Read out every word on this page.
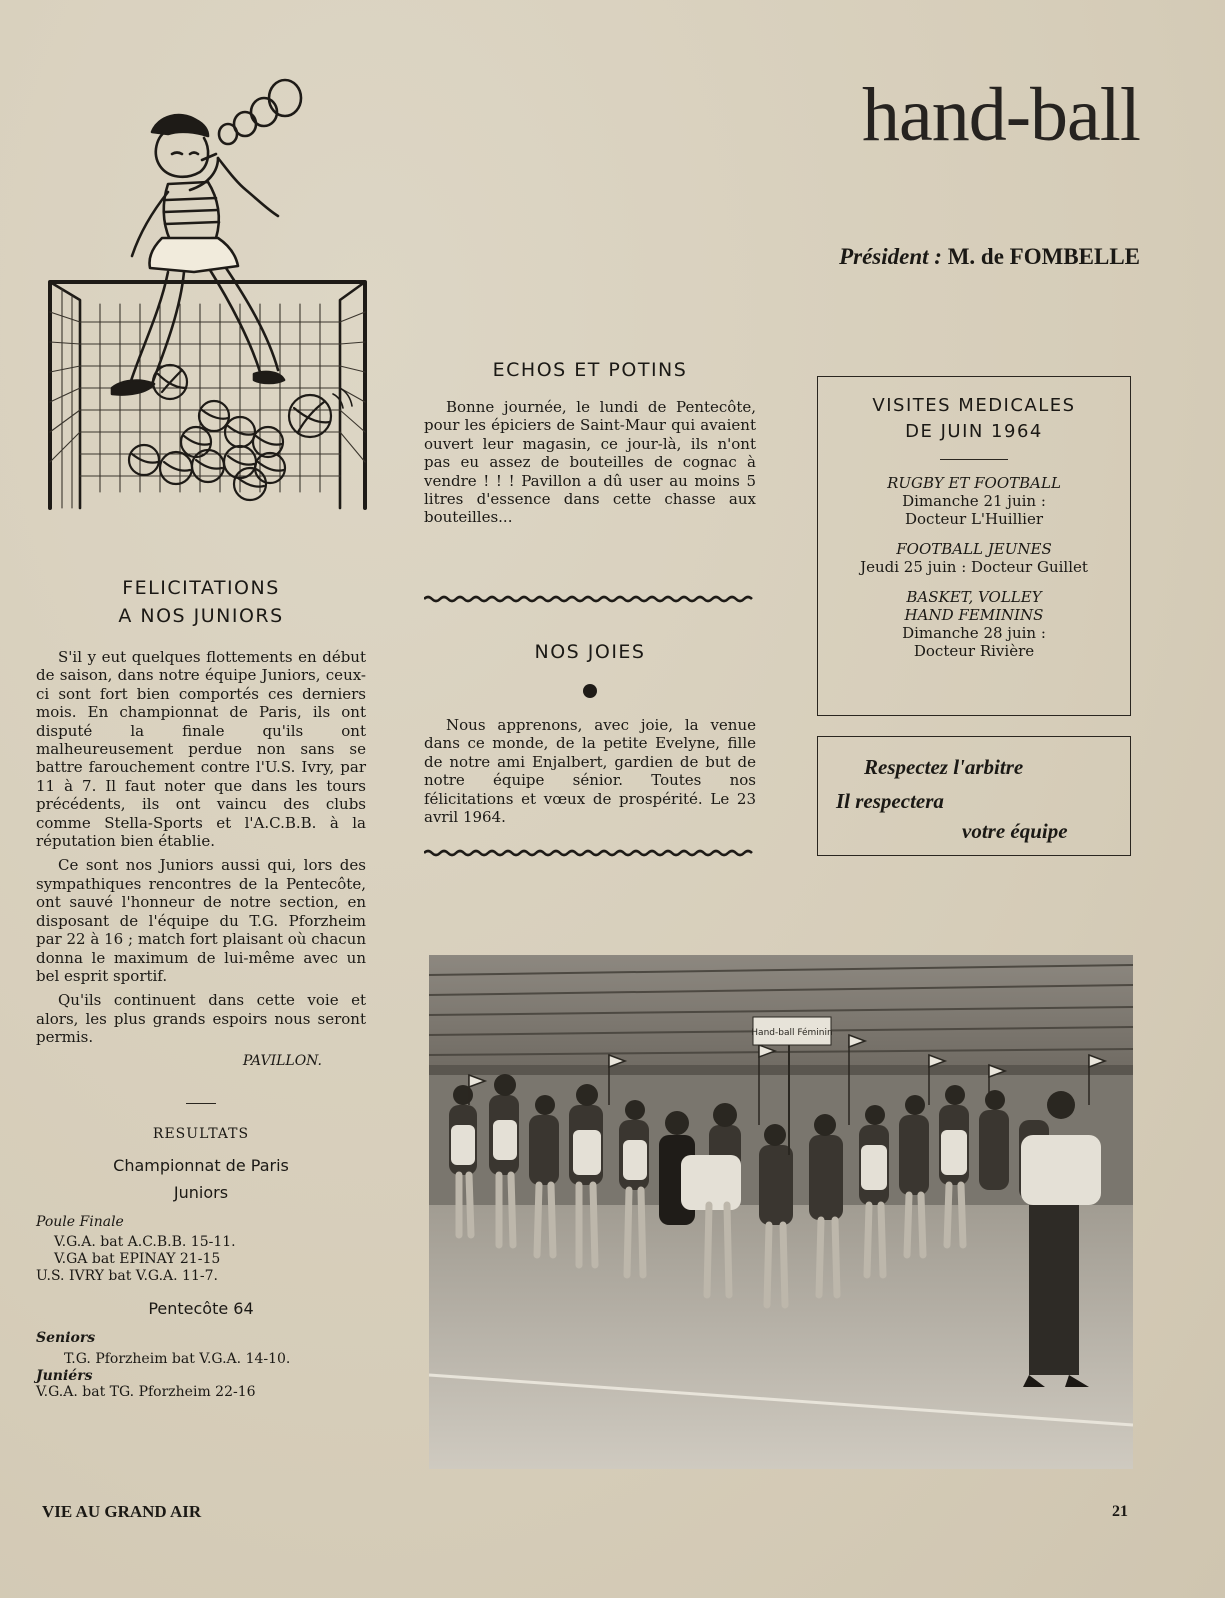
hand-ball
Président : M. de FOMBELLE
FELICITATIONS
A NOS JUNIORS

S'il y eut quelques flottements en début de saison, dans notre équipe Juniors, ceux-ci sont fort bien comportés ces derniers mois. En championnat de Paris, ils ont disputé la finale qu'ils ont malheureusement perdue non sans se battre farouchement contre l'U.S. Ivry, par 11 à 7. Il faut noter que dans les tours précédents, ils ont vaincu des clubs comme Stella-Sports et l'A.C.B.B. à la réputation bien établie.

Ce sont nos Juniors aussi qui, lors des sympathiques rencontres de la Pentecôte, ont sauvé l'honneur de notre section, en disposant de l'équipe du T.G. Pforzheim par 22 à 16 ; match fort plaisant où chacun donna le maximum de lui-même avec un bel esprit sportif.

Qu'ils continuent dans cette voie et alors, les plus grands espoirs nous seront permis.

PAVILLON.
RESULTATS
Championnat de Paris
Juniors
Poule Finale
V.G.A. bat A.C.B.B. 15-11.
V.GA bat EPINAY 21-15
U.S. IVRY bat V.G.A. 11-7.
Pentecôte 64
Seniors
T.G. Pforzheim bat V.G.A. 14-10.
Juniérs
V.G.A. bat TG. Pforzheim 22-16
ECHOS ET POTINS

Bonne journée, le lundi de Pentecôte, pour les épiciers de Saint-Maur qui avaient ouvert leur magasin, ce jour-là, ils n'ont pas eu assez de bouteilles de cognac à vendre ! ! ! Pavillon a dû user au moins 5 litres d'essence dans cette chasse aux bouteilles...

NOS JOIES

Nous apprenons, avec joie, la venue dans ce monde, de la petite Evelyne, fille de notre ami Enjalbert, gardien de but de notre équipe sénior. Toutes nos félicitations et vœux de prospérité. Le 23 avril 1964.

VISITES MEDICALES
DE JUIN 1964
RUGBY ET FOOTBALL
Dimanche 21 juin :
Docteur L'Huillier
FOOTBALL JEUNES
Jeudi 25 juin : Docteur Guillet
BASKET, VOLLEY
HAND FEMININS
Dimanche 28 juin :
Docteur Rivière
Respectez l'arbitre
Il respectera
votre équipe
Hand-ball Féminin
VIE AU GRAND AIR	21
